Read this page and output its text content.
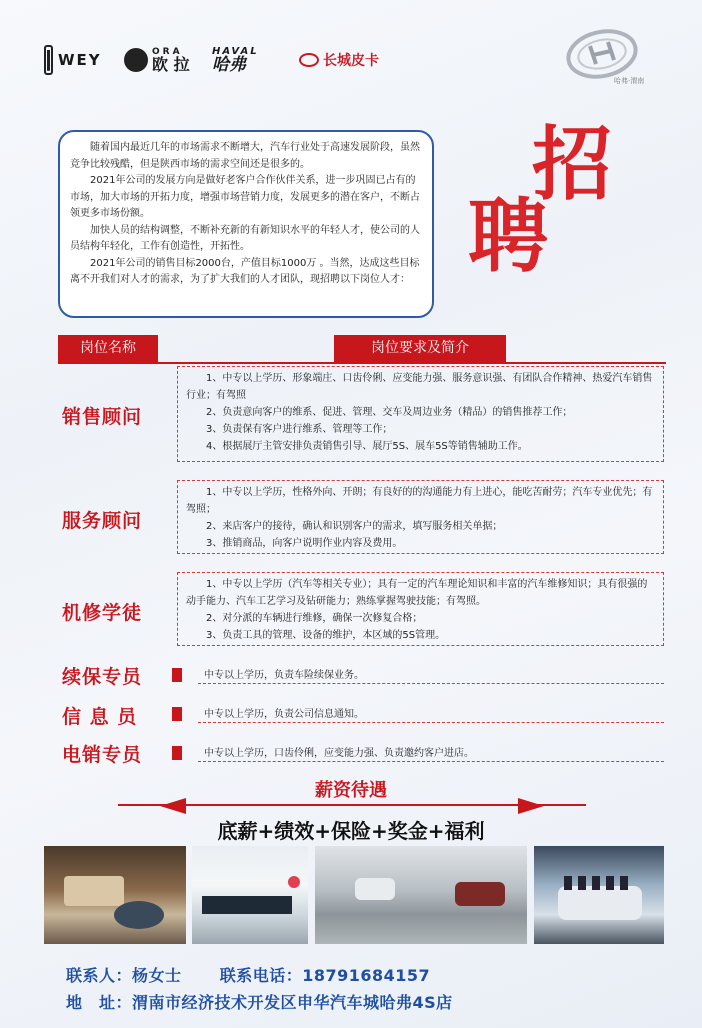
WEY	ORA
欧 拉
HAVAL
哈弗	长城皮卡
哈弗·渭南

随着国内最近几年的市场需求不断增大，汽车行业处于高速发展阶段，虽然竞争比较残酷，但是陕西市场的需求空间还是很多的。

2021年公司的发展方向是做好老客户合作伙伴关系，进一步巩固已占有的市场，加大市场的开拓力度，增强市场营销力度，发展更多的潜在客户，不断占领更多市场份额。

加快人员的结构调整，不断补充新的有新知识水平的年轻人才，使公司的人员结构年轻化，工作有创造性，开拓性。

2021年公司的销售目标2000台，产值目标1000万 。当然，达成这些目标离不开我们对人才的需求，为了扩大我们的人才团队，现招聘以下岗位人才：

招
聘
岗位名称	岗位要求及简介
销售顾问

1、中专以上学历、形象端庄、口齿伶俐、应变能力强、服务意识强、有团队合作精神、热爱汽车销售行业；有驾照

2、负责意向客户的维系、促进、管理、交车及周边业务（精品）的销售推荐工作；

3、负责保有客户进行维系、管理等工作；

4、根据展厅主管安排负责销售引导、展厅5S、展车5S等销售辅助工作。

服务顾问

1、中专以上学历，性格外向、开朗；有良好的的沟通能力有上进心，能吃苦耐劳；汽车专业优先；有驾照；

2、来店客户的接待，确认和识别客户的需求，填写服务相关单据；

3、推销商品，向客户说明作业内容及费用。

机修学徒

1、中专以上学历（汽车等相关专业）；具有一定的汽车理论知识和丰富的汽车维修知识；具有很强的动手能力、汽车工艺学习及钻研能力；熟练掌握驾驶技能；有驾照。

2、对分派的车辆进行维修，确保一次修复合格；

3、负责工具的管理、设备的维护，本区域的5S管理。

续保专员	中专以上学历，负责车险续保业务。
信 息 员	中专以上学历，负责公司信息通知。
电销专员	中专以上学历，口齿伶俐，应变能力强、负责邀约客户进店。
薪资待遇
底薪+绩效+保险+奖金+福利
联系人：杨女士 联系电话：18791684157
地　址：渭南市经济技术开发区申华汽车城哈弗4S店
